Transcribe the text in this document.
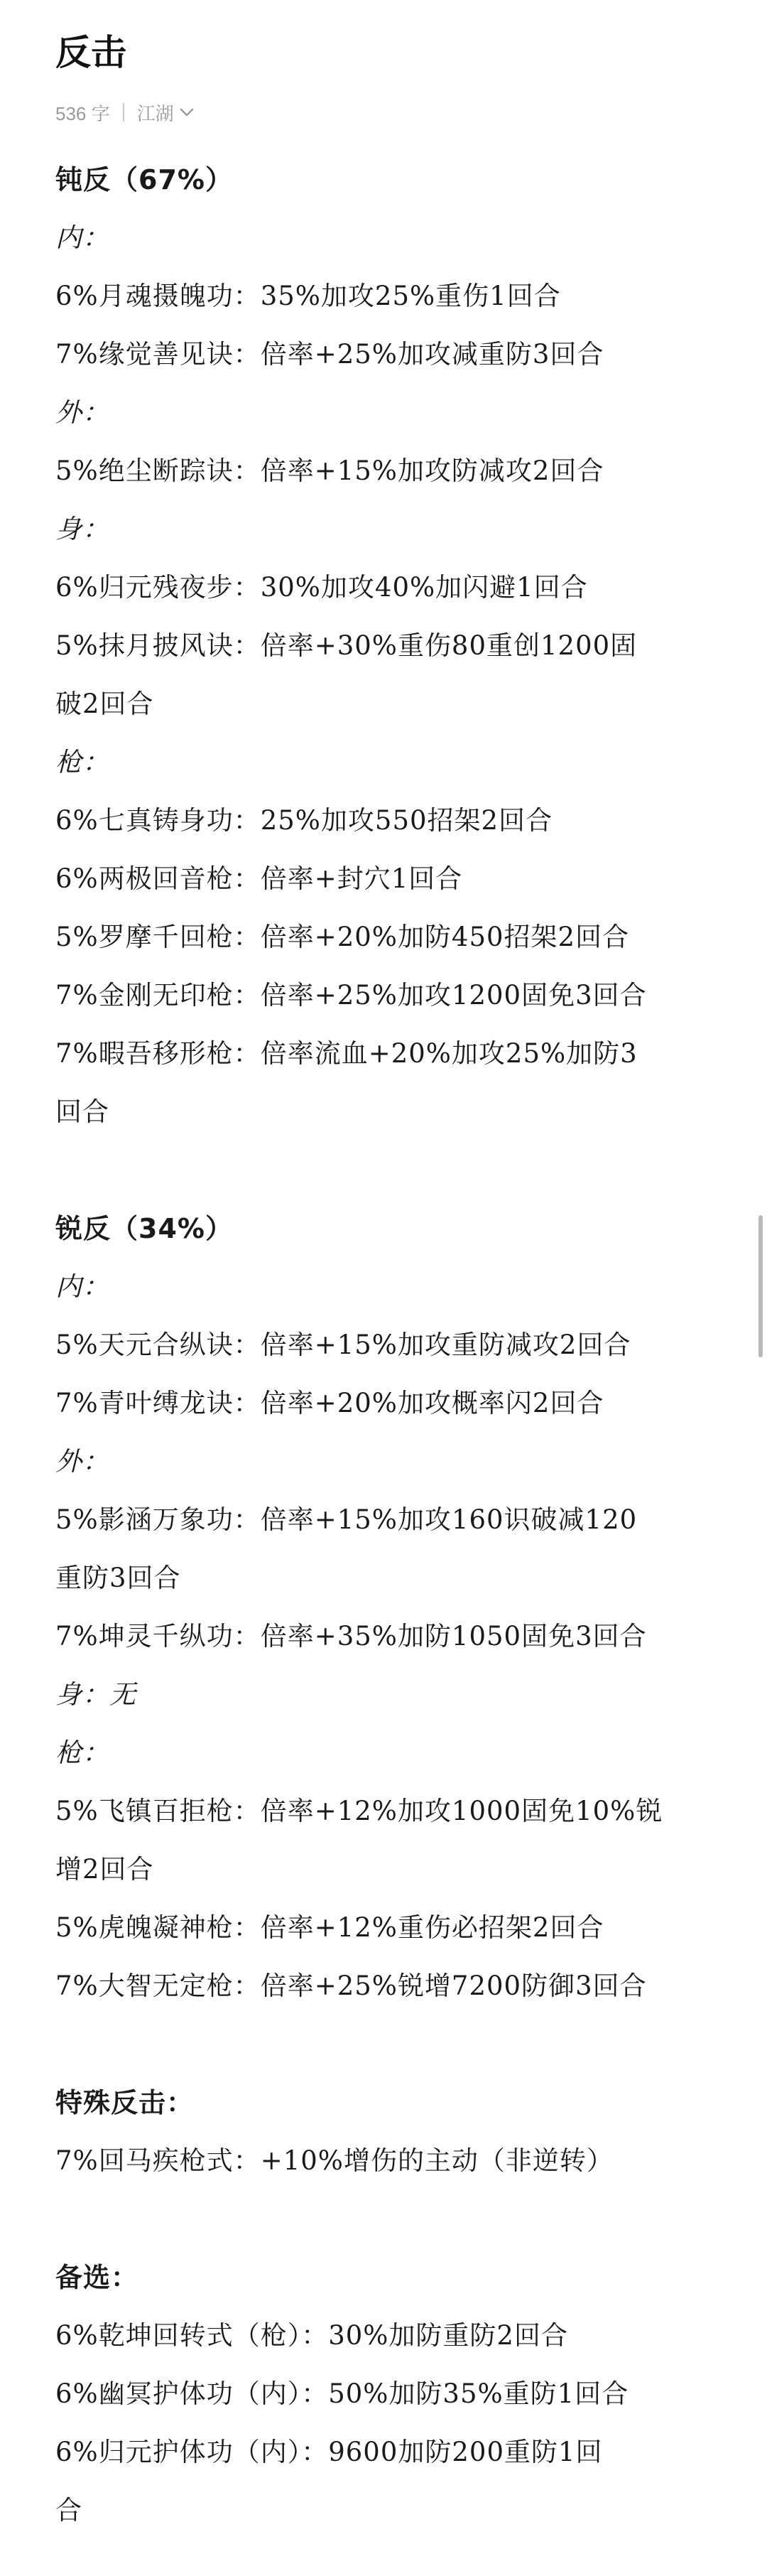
反击
536 字 江湖

钝反（67%）

内：

6%月魂摄魄功：35%加攻25%重伤1回合

7%缘觉善见诀：倍率+25%加攻减重防3回合

外：

5%绝尘断踪诀：倍率+15%加攻防减攻2回合

身：

6%归元残夜步：30%加攻40%加闪避1回合

5%抹月披风诀：倍率+30%重伤80重创1200固

破2回合

枪：

6%七真铸身功：25%加攻550招架2回合

6%两极回音枪：倍率+封穴1回合

5%罗摩千回枪：倍率+20%加防450招架2回合

7%金刚无印枪：倍率+25%加攻1200固免3回合

7%暇吾移形枪：倍率流血+20%加攻25%加防3

回合

锐反（34%）

内：

5%天元合纵诀：倍率+15%加攻重防减攻2回合

7%青叶缚龙诀：倍率+20%加攻概率闪2回合

外：

5%影涵万象功：倍率+15%加攻160识破减120

重防3回合

7%坤灵千纵功：倍率+35%加防1050固免3回合

身：无

枪：

5%飞镇百拒枪：倍率+12%加攻1000固免10%锐

增2回合

5%虎魄凝神枪：倍率+12%重伤必招架2回合

7%大智无定枪：倍率+25%锐增7200防御3回合

特殊反击：

7%回马疾枪式：+10%增伤的主动（非逆转）

备选：

6%乾坤回转式（枪）：30%加防重防2回合

6%幽冥护体功（内）：50%加防35%重防1回合

6%归元护体功（内）：9600加防200重防1回

合
